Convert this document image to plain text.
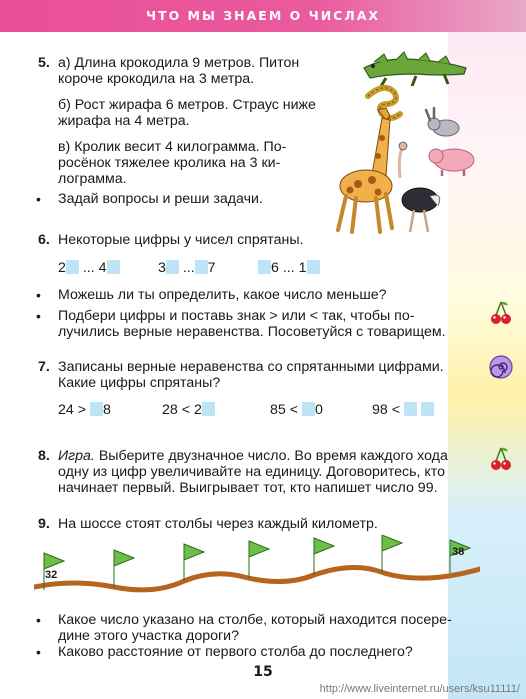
ЧТО МЫ ЗНАЕМ О ЧИСЛАХ
5. а) Длина крокодила 9 метров. Питон
короче крокодила на 3 метра.
б) Рост жирафа 6 метров. Страус ниже
жирафа на 4 метра.
в) Кролик весит 4 килограмма. По-
росёнок тяжелее кролика на 3 ки-
лограмма.
• Задай вопросы и реши задачи.
6. Некоторые цифры у чисел спрятаны.
2 ... 4	3 ... 7	6 ... 1
• Можешь ли ты определить, какое число меньше?
• Подбери цифры и поставь знак > или < так, чтобы по-
лучились верные неравенства. Посоветуйся с товарищем.
7. Записаны верные неравенства со спрятанными цифрами.
Какие цифры спрятаны?
24 > 8	28 < 2	85 < 0	98 <
8. Игра. Выберите двузначное число. Во время каждого хода
одну из цифр увеличивайте на единицу. Договоритесь, кто
начинает первый. Выигрывает тот, кто напишет число 99.
9. На шоссе стоят столбы через каждый километр.
32
38
• Какое число указано на столбе, который находится посере-
дине этого участка дороги?
• Каково расстояние от первого столба до последнего?
15
http://www.liveinternet.ru/users/ksu11111/
